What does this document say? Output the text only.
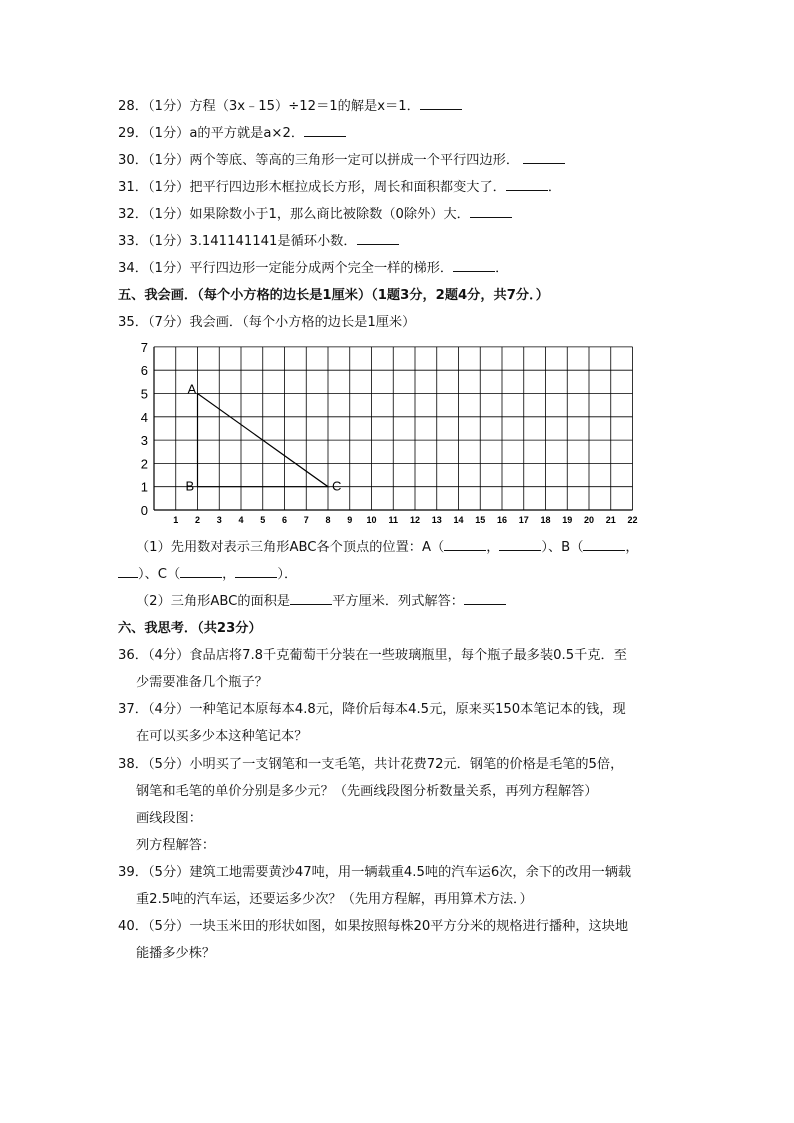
28．（1分）方程（3x﹣15）÷12＝1的解是x＝1．
29．（1分）a的平方就是a×2．
30．（1分）两个等底、等高的三角形一定可以拼成一个平行四边形．
31．（1分）把平行四边形木框拉成长方形，周长和面积都变大了．	．
32．（1分）如果除数小于1，那么商比被除数（0除外）大．
33．（1分）3.141141141是循环小数．
34．（1分）平行四边形一定能分成两个完全一样的梯形．	．
五、我会画．（每个小方格的边长是1厘米）（1题3分，2题4分，共7分．）
35．（7分）我会画．（每个小方格的边长是1厘米）
1 2 3 4 5 6 7 8 9 10 11 12 13 14 15 16 17 18 19 20 21 22
0
1
2
3
4
5
6
7
A
B	C
（1）先用数对表示三角形ABC各个顶点的位置：A（	，	）、B（	，
）、C（	，	）．
（2）三角形ABC的面积是	平方厘米．列式解答：
六、我思考．（共23分）
36．（4分）食品店将7.8千克葡萄干分装在一些玻璃瓶里，每个瓶子最多装0.5千克．至
少需要准备几个瓶子？
37．（4分）一种笔记本原每本4.8元，降价后每本4.5元，原来买150本笔记本的钱，现
在可以买多少本这种笔记本？
38．（5分）小明买了一支钢笔和一支毛笔，共计花费72元．钢笔的价格是毛笔的5倍，
钢笔和毛笔的单价分别是多少元？（先画线段图分析数量关系，再列方程解答）
画线段图：
列方程解答：
39．（5分）建筑工地需要黄沙47吨，用一辆载重4.5吨的汽车运6次，余下的改用一辆载
重2.5吨的汽车运，还要运多少次？（先用方程解，再用算术方法．）
40．（5分）一块玉米田的形状如图，如果按照每株20平方分米的规格进行播种，这块地
能播多少株？
